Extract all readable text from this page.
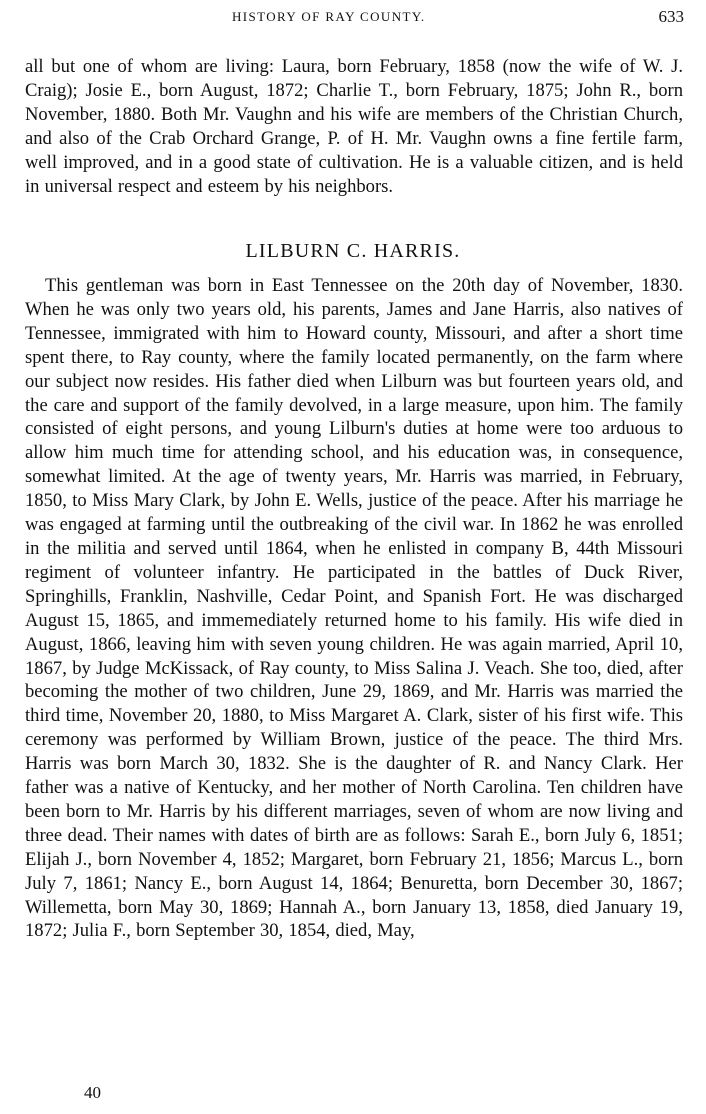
HISTORY OF RAY COUNTY.	633

all but one of whom are living: Laura, born February, 1858 (now the wife of W. J. Craig); Josie E., born August, 1872; Charlie T., born February, 1875; John R., born November, 1880. Both Mr. Vaughn and his wife are members of the Christian Church, and also of the Crab Orchard Grange, P. of H. Mr. Vaughn owns a fine fertile farm, well improved, and in a good state of cultivation. He is a valuable citizen, and is held in universal respect and esteem by his neighbors.

LILBURN C. HARRIS.

This gentleman was born in East Tennessee on the 20th day of November, 1830. When he was only two years old, his parents, James and Jane Harris, also natives of Tennessee, immigrated with him to Howard county, Missouri, and after a short time spent there, to Ray county, where the family located permanently, on the farm where our subject now resides. His father died when Lilburn was but fourteen years old, and the care and support of the family devolved, in a large measure, upon him. The family consisted of eight persons, and young Lilburn's duties at home were too arduous to allow him much time for attending school, and his education was, in consequence, somewhat limited. At the age of twenty years, Mr. Harris was married, in February, 1850, to Miss Mary Clark, by John E. Wells, justice of the peace. After his marriage he was engaged at farming until the outbreaking of the civil war. In 1862 he was enrolled in the militia and served until 1864, when he enlisted in company B, 44th Missouri regiment of volunteer infantry. He participated in the battles of Duck River, Springhills, Franklin, Nashville, Cedar Point, and Spanish Fort. He was discharged August 15, 1865, and immemediately returned home to his family. His wife died in August, 1866, leaving him with seven young children. He was again married, April 10, 1867, by Judge McKissack, of Ray county, to Miss Salina J. Veach. She too, died, after becoming the mother of two children, June 29, 1869, and Mr. Harris was married the third time, November 20, 1880, to Miss Margaret A. Clark, sister of his first wife. This ceremony was performed by William Brown, justice of the peace. The third Mrs. Harris was born March 30, 1832. She is the daughter of R. and Nancy Clark. Her father was a native of Kentucky, and her mother of North Carolina. Ten children have been born to Mr. Harris by his different marriages, seven of whom are now living and three dead. Their names with dates of birth are as follows: Sarah E., born July 6, 1851; Elijah J., born November 4, 1852; Margaret, born February 21, 1856; Marcus L., born July 7, 1861; Nancy E., born August 14, 1864; Benuretta, born December 30, 1867; Willemetta, born May 30, 1869; Hannah A., born January 13, 1858, died January 19, 1872; Julia F., born September 30, 1854, died, May,

40
